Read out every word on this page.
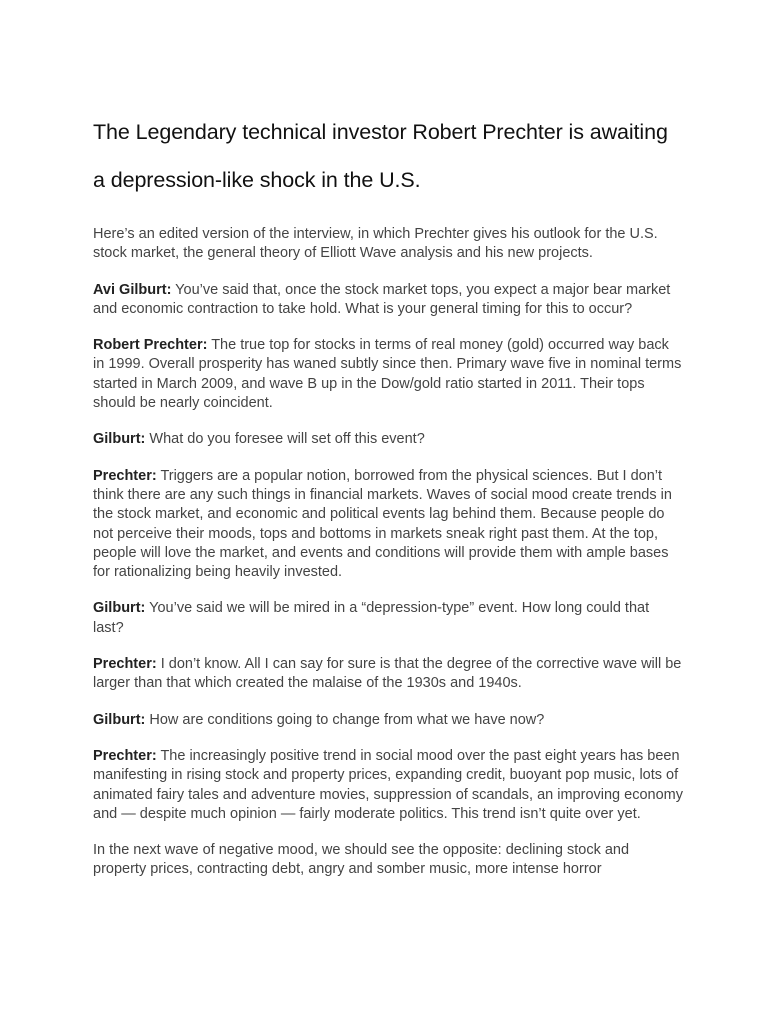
The Legendary technical investor Robert Prechter is awaiting a depression-like shock in the U.S.

Here’s an edited version of the interview, in which Prechter gives his outlook for the U.S. stock market, the general theory of Elliott Wave analysis and his new projects.

Avi Gilburt: You’ve said that, once the stock market tops, you expect a major bear market and economic contraction to take hold. What is your general timing for this to occur?

Robert Prechter: The true top for stocks in terms of real money (gold) occurred way back in 1999. Overall prosperity has waned subtly since then. Primary wave five in nominal terms started in March 2009, and wave B up in the Dow/gold ratio started in 2011. Their tops should be nearly coincident.

Gilburt: What do you foresee will set off this event?

Prechter: Triggers are a popular notion, borrowed from the physical sciences. But I don’t think there are any such things in financial markets. Waves of social mood create trends in the stock market, and economic and political events lag behind them. Because people do not perceive their moods, tops and bottoms in markets sneak right past them. At the top, people will love the market, and events and conditions will provide them with ample bases for rationalizing being heavily invested.

Gilburt: You’ve said we will be mired in a “depression-type” event. How long could that last?

Prechter: I don’t know. All I can say for sure is that the degree of the corrective wave will be larger than that which created the malaise of the 1930s and 1940s.

Gilburt: How are conditions going to change from what we have now?

Prechter: The increasingly positive trend in social mood over the past eight years has been manifesting in rising stock and property prices, expanding credit, buoyant pop music, lots of animated fairy tales and adventure movies, suppression of scandals, an improving economy and — despite much opinion — fairly moderate politics. This trend isn’t quite over yet.

In the next wave of negative mood, we should see the opposite: declining stock and property prices, contracting debt, angry and somber music, more intense horror
